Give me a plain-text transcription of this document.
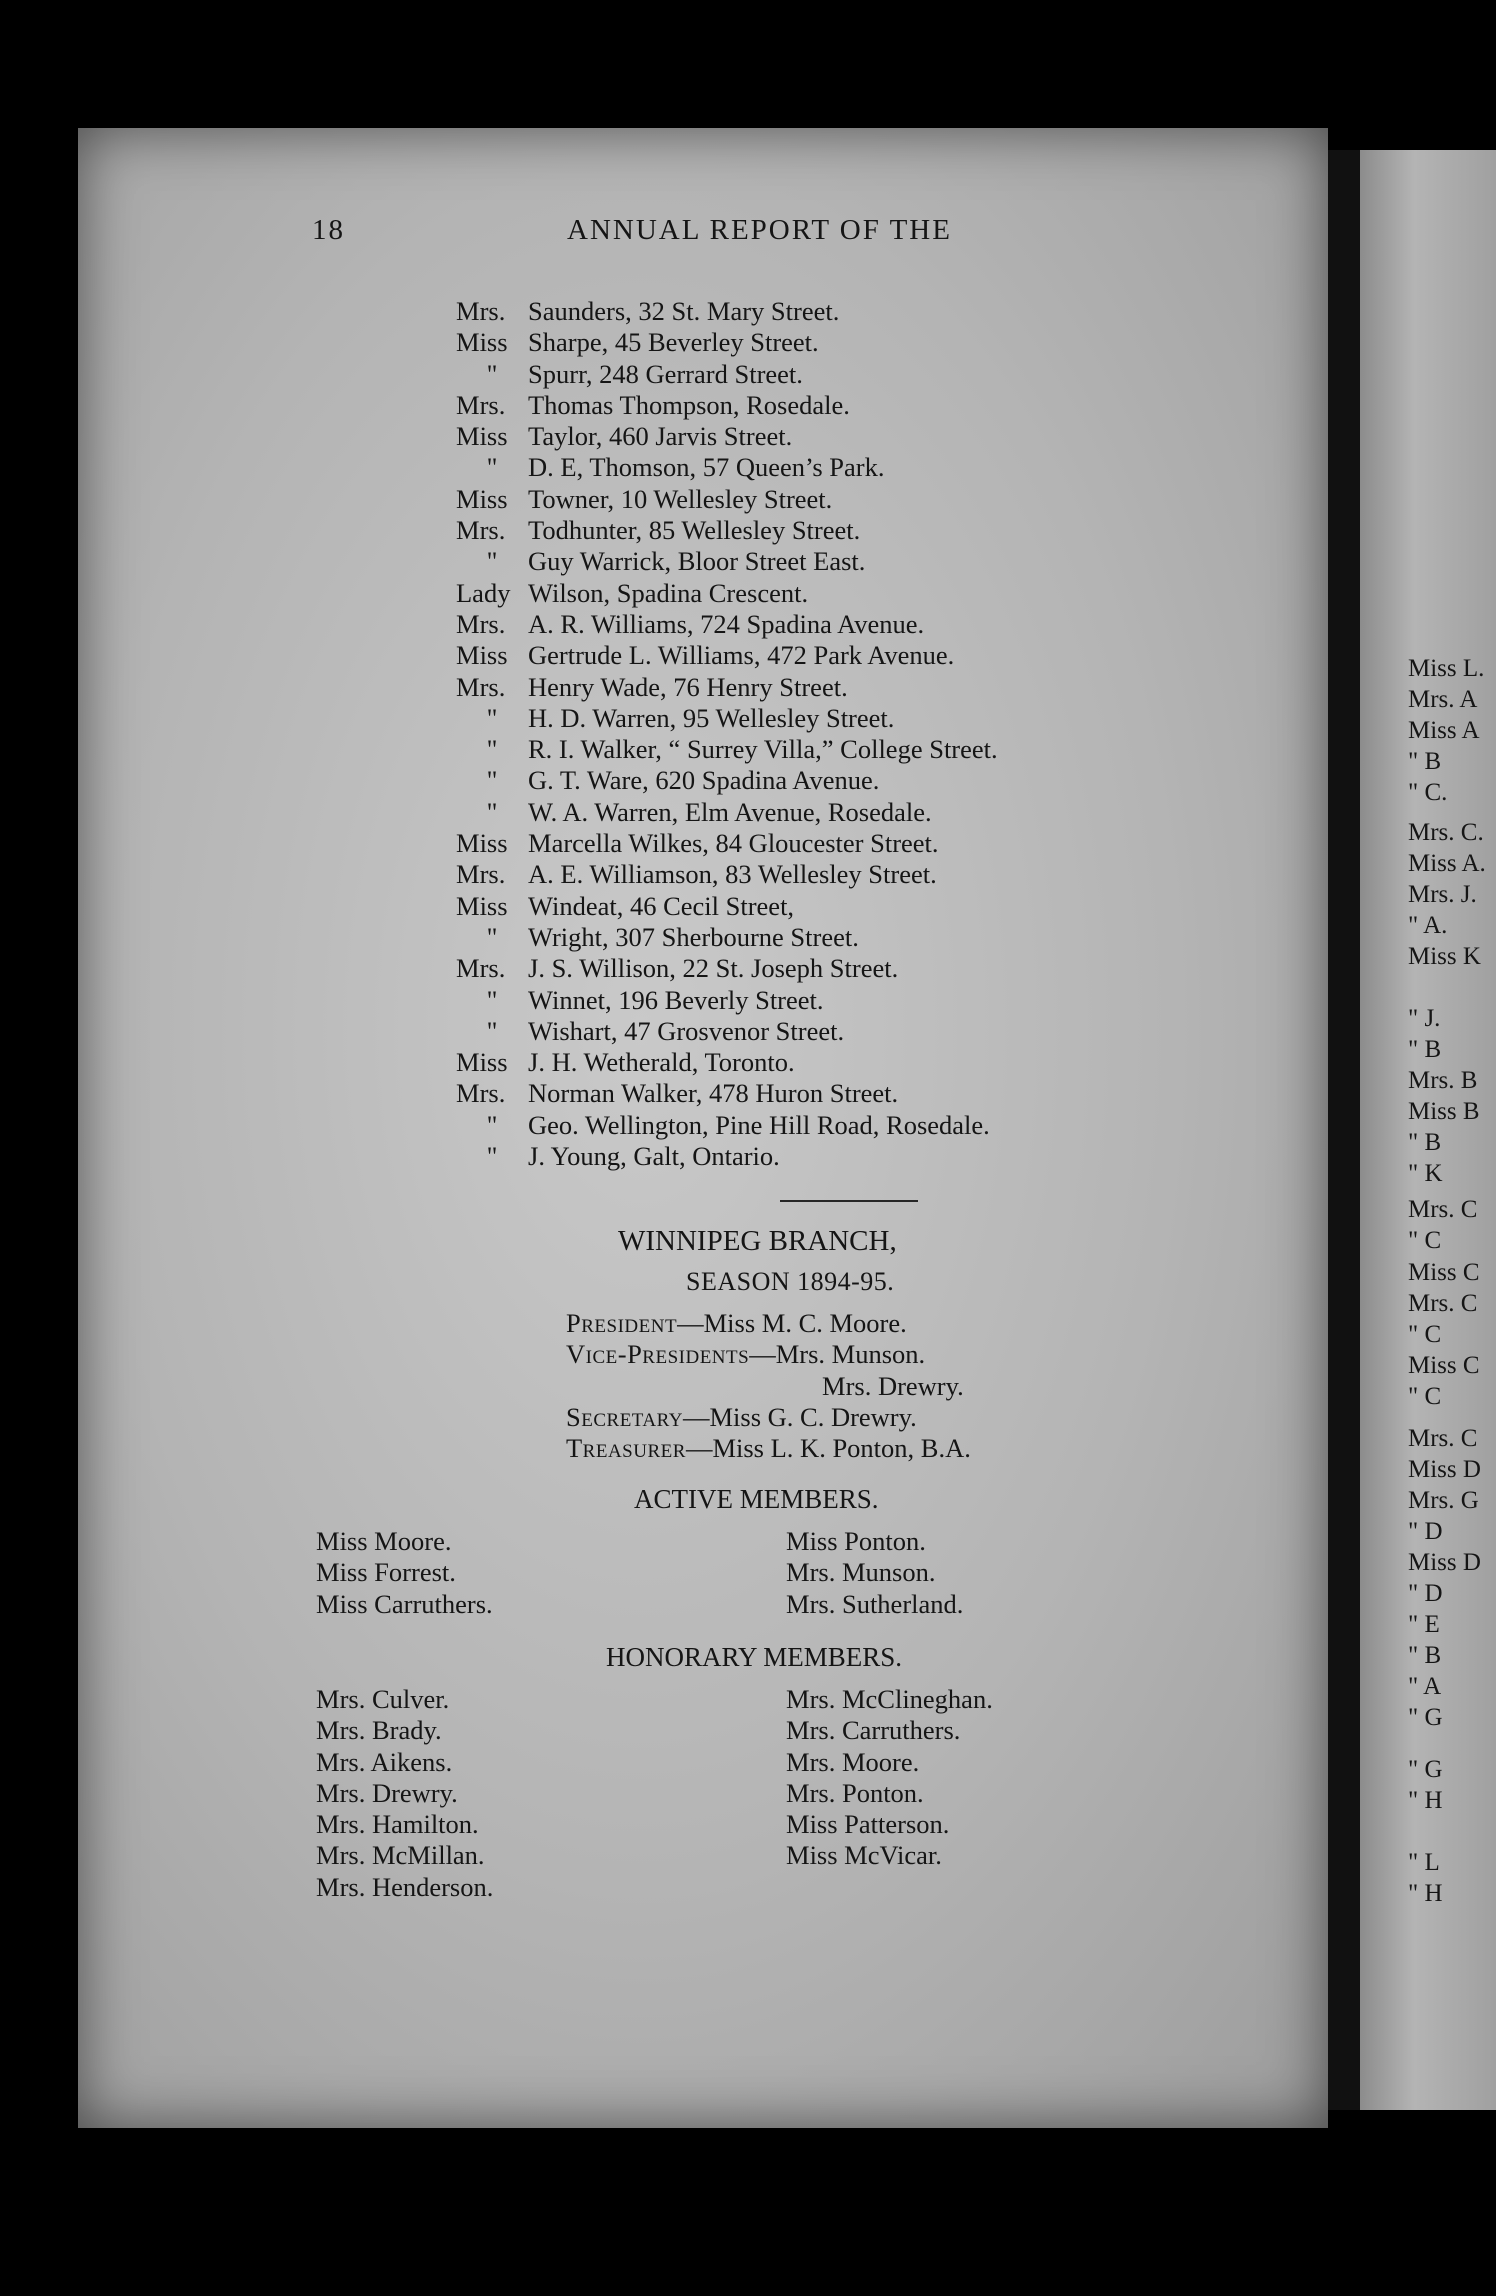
Miss L.
Mrs. A
Miss A
" B
" C.
Mrs. C.
Miss A.
Mrs. J.
" A.
Miss K
" J.
" B
Mrs. B
Miss B
" B
" K
Mrs. C
" C
Miss C
Mrs. C
" C
Miss C
" C
Mrs. C
Miss D
Mrs. G
" D
Miss D
" D
" E
" B
" A
" G
" G
" H
" L
" H
18	ANNUAL REPORT OF THE
Mrs. Saunders, 32 St. Mary Street.
Miss Sharpe, 45 Beverley Street.
" Spurr, 248 Gerrard Street.
Mrs. Thomas Thompson, Rosedale.
Miss Taylor, 460 Jarvis Street.
" D. E, Thomson, 57 Queen’s Park.
Miss Towner, 10 Wellesley Street.
Mrs. Todhunter, 85 Wellesley Street.
" Guy Warrick, Bloor Street East.
Lady Wilson, Spadina Crescent.
Mrs. A. R. Williams, 724 Spadina Avenue.
Miss Gertrude L. Williams, 472 Park Avenue.
Mrs. Henry Wade, 76 Henry Street.
" H. D. Warren, 95 Wellesley Street.
" R. I. Walker, “ Surrey Villa,” College Street.
" G. T. Ware, 620 Spadina Avenue.
" W. A. Warren, Elm Avenue, Rosedale.
Miss Marcella Wilkes, 84 Gloucester Street.
Mrs. A. E. Williamson, 83 Wellesley Street.
Miss Windeat, 46 Cecil Street,
" Wright, 307 Sherbourne Street.
Mrs. J. S. Willison, 22 St. Joseph Street.
" Winnet, 196 Beverly Street.
" Wishart, 47 Grosvenor Street.
Miss J. H. Wetherald, Toronto.
Mrs. Norman Walker, 478 Huron Street.
" Geo. Wellington, Pine Hill Road, Rosedale.
" J. Young, Galt, Ontario.
WINNIPEG BRANCH,
SEASON 1894-95.
President—Miss M. C. Moore.
Vice-Presidents—Mrs. Munson.
Mrs. Drewry.
Secretary—Miss G. C. Drewry.
Treasurer—Miss L. K. Ponton, B.A.
ACTIVE MEMBERS.
Miss Moore.
Miss Forrest.
Miss Carruthers.
Miss Ponton.
Mrs. Munson.
Mrs. Sutherland.
HONORARY MEMBERS.
Mrs. Culver.
Mrs. Brady.
Mrs. Aikens.
Mrs. Drewry.
Mrs. Hamilton.
Mrs. McMillan.
Mrs. Henderson.
Mrs. McClineghan.
Mrs. Carruthers.
Mrs. Moore.
Mrs. Ponton.
Miss Patterson.
Miss McVicar.
